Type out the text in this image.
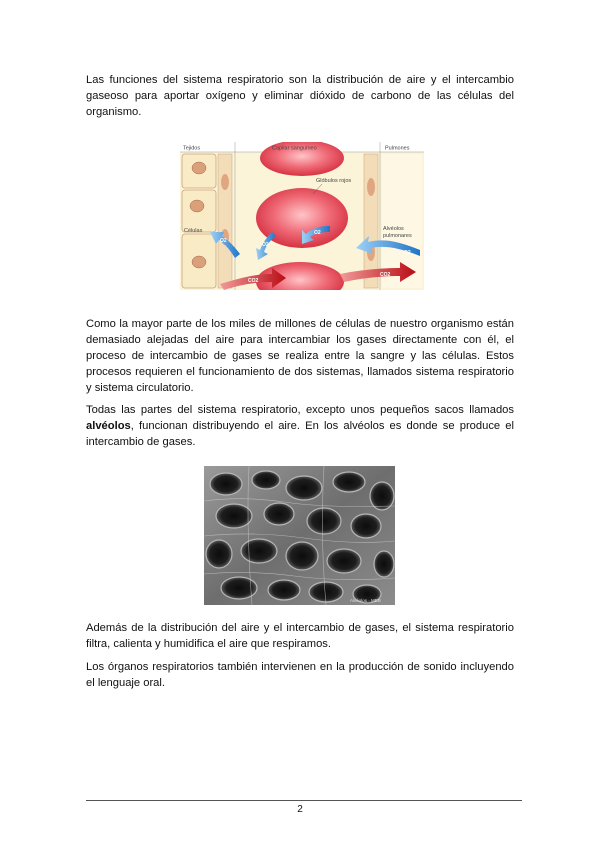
Las funciones del sistema respiratorio son la distribución de aire y el intercambio gaseoso para aportar oxígeno y eliminar dióxido de carbono de las células del organismo.

Tejidos	Capilar sanguíneo	Pulmones
Glóbulos rojos
Células	Alvéolos
pulmonares
O2
O2
O2
O2
CO2
CO2

Como la mayor parte de los miles de millones de células de nuestro organismo están demasiado alejadas del aire para intercambiar los gases directamente con él, el proceso de intercambio de gases se realiza entre la sangre y las células. Estos procesos requieren el funcionamiento de dos sistemas, llamados sistema respiratorio y sistema circulatorio.

Todas las partes del sistema respiratorio, excepto unos pequeños sacos llamados alvéolos, funcionan distribuyendo el aire. En los alvéolos es donde se produce el intercambio de gases.

Alvéolos · MEB

Además de la distribución del aire y el intercambio de gases, el sistema respiratorio filtra, calienta y humidifica el aire que respiramos.

Los órganos respiratorios también intervienen en la producción de sonido incluyendo el lenguaje oral.

2
